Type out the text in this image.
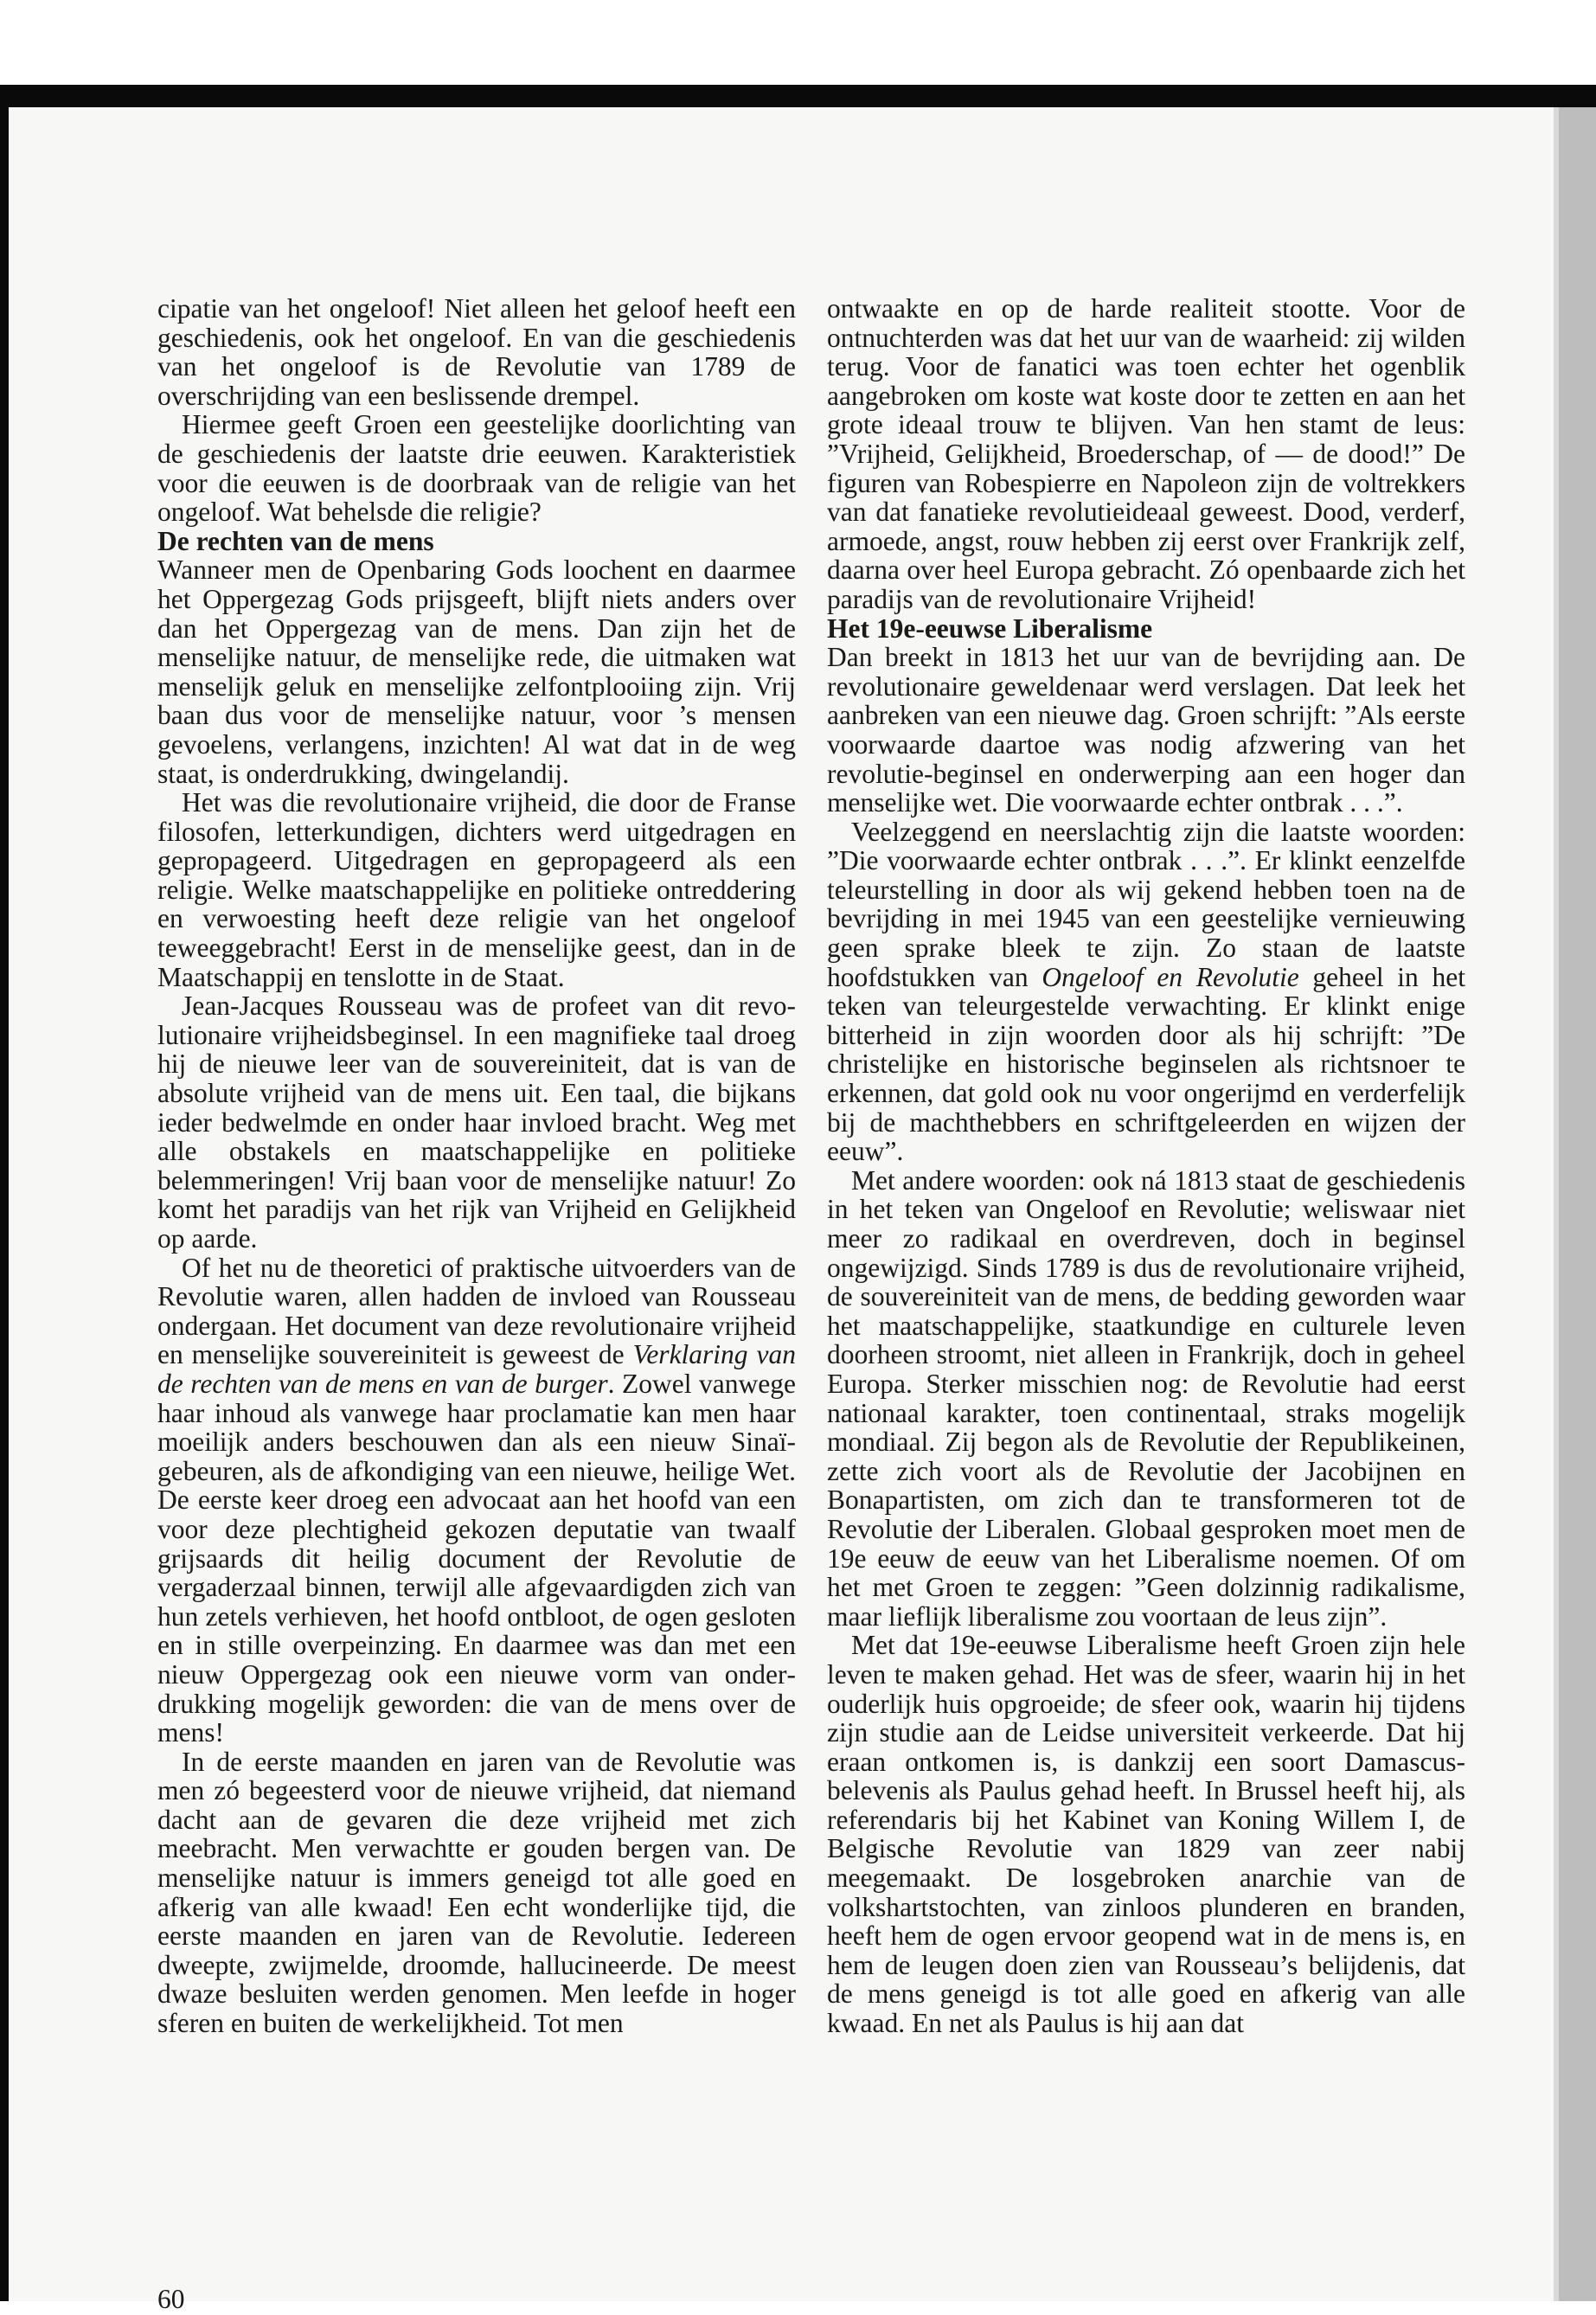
cipatie van het ongeloof! Niet alleen het geloof heeft een geschiedenis, ook het ongeloof. En van die geschiedenis van het ongeloof is de Revolutie van 1789 de overschrijding van een beslissende drempel.

Hiermee geeft Groen een geestelijke doorlichting van de geschiedenis der laatste drie eeuwen. Karakteristiek voor die eeuwen is de doorbraak van de religie van het ongeloof. Wat behelsde die religie?

De rechten van de mens

Wanneer men de Openbaring Gods loochent en daarmee het Oppergezag Gods prijsgeeft, blijft niets anders over dan het Oppergezag van de mens. Dan zijn het de menselijke natuur, de menselijke rede, die uitmaken wat menselijk geluk en menselijke zelfontplooiing zijn. Vrij baan dus voor de menselijke natuur, voor ’s mensen gevoelens, verlangens, inzichten! Al wat dat in de weg staat, is onderdrukking, dwingelandij.

Het was die revolutionaire vrijheid, die door de Franse filosofen, letterkundigen, dichters werd uitgedragen en gepropageerd. Uitgedragen en gepropageerd als een religie. Welke maatschappelijke en politieke ontreddering en verwoesting heeft deze religie van het ongeloof teweeggebracht! Eerst in de menselijke geest, dan in de Maatschappij en tenslotte in de Staat.

Jean-Jacques Rousseau was de profeet van dit revolutionaire vrijheidsbeginsel. In een magnifieke taal droeg hij de nieuwe leer van de souvereiniteit, dat is van de absolute vrijheid van de mens uit. Een taal, die bijkans ieder bedwelmde en onder haar invloed bracht. Weg met alle obstakels en maatschappelijke en politieke belemmeringen! Vrij baan voor de menselijke natuur! Zo komt het paradijs van het rijk van Vrijheid en Gelijkheid op aarde.

Of het nu de theoretici of praktische uitvoerders van de Revolutie waren, allen hadden de invloed van Rousseau ondergaan. Het document van deze revolutionaire vrijheid en menselijke souvereiniteit is geweest de Verklaring van de rechten van de mens en van de burger. Zowel vanwege haar inhoud als vanwege haar proclamatie kan men haar moeilijk anders beschouwen dan als een nieuw Sinaï-gebeuren, als de afkondiging van een nieuwe, heilige Wet. De eerste keer droeg een advocaat aan het hoofd van een voor deze plechtigheid gekozen deputatie van twaalf grijsaards dit heilig document der Revolutie de vergaderzaal binnen, terwijl alle afgevaardigden zich van hun zetels verhieven, het hoofd ontbloot, de ogen gesloten en in stille overpeinzing. En daarmee was dan met een nieuw Oppergezag ook een nieuwe vorm van onderdrukking mogelijk geworden: die van de mens over de mens!

In de eerste maanden en jaren van de Revolutie was men zó begeesterd voor de nieuwe vrijheid, dat niemand dacht aan de gevaren die deze vrijheid met zich meebracht. Men verwachtte er gouden bergen van. De menselijke natuur is immers geneigd tot alle goed en afkerig van alle kwaad! Een echt wonderlijke tijd, die eerste maanden en jaren van de Revolutie. Iedereen dweepte, zwijmelde, droomde, hallucineerde. De meest dwaze besluiten werden genomen. Men leefde in hoger sferen en buiten de werkelijkheid. Tot men

ontwaakte en op de harde realiteit stootte. Voor de ontnuchterden was dat het uur van de waarheid: zij wilden terug. Voor de fanatici was toen echter het ogenblik aangebroken om koste wat koste door te zetten en aan het grote ideaal trouw te blijven. Van hen stamt de leus: ”Vrijheid, Gelijkheid, Broederschap, of — de dood!” De figuren van Robespierre en Napoleon zijn de voltrekkers van dat fanatieke revolutieideaal geweest. Dood, verderf, armoede, angst, rouw hebben zij eerst over Frankrijk zelf, daarna over heel Europa gebracht. Zó openbaarde zich het paradijs van de revolutionaire Vrijheid!

Het 19e-eeuwse Liberalisme

Dan breekt in 1813 het uur van de bevrijding aan. De revolutionaire geweldenaar werd verslagen. Dat leek het aanbreken van een nieuwe dag. Groen schrijft: ”Als eerste voorwaarde daartoe was nodig afzwering van het revolutie-beginsel en onderwerping aan een hoger dan menselijke wet. Die voorwaarde echter ontbrak . . .”.

Veelzeggend en neerslachtig zijn die laatste woorden: ”Die voorwaarde echter ontbrak . . .”. Er klinkt eenzelfde teleurstelling in door als wij gekend hebben toen na de bevrijding in mei 1945 van een geestelijke vernieuwing geen sprake bleek te zijn. Zo staan de laatste hoofdstukken van Ongeloof en Revolutie geheel in het teken van teleurgestelde verwachting. Er klinkt enige bitterheid in zijn woorden door als hij schrijft: ”De christelijke en historische beginselen als richtsnoer te erkennen, dat gold ook nu voor ongerijmd en verderfelijk bij de machthebbers en schriftgeleerden en wijzen der eeuw”.

Met andere woorden: ook ná 1813 staat de geschiedenis in het teken van Ongeloof en Revolutie; weliswaar niet meer zo radikaal en overdreven, doch in beginsel ongewijzigd. Sinds 1789 is dus de revolutionaire vrijheid, de souvereiniteit van de mens, de bedding geworden waar het maatschappelijke, staatkundige en culturele leven doorheen stroomt, niet alleen in Frankrijk, doch in geheel Europa. Sterker misschien nog: de Revolutie had eerst nationaal karakter, toen continentaal, straks mogelijk mondiaal. Zij begon als de Revolutie der Republikeinen, zette zich voort als de Revolutie der Jacobijnen en Bonapartisten, om zich dan te transformeren tot de Revolutie der Liberalen. Globaal gesproken moet men de 19e eeuw de eeuw van het Liberalisme noemen. Of om het met Groen te zeggen: ”Geen dolzinnig radikalisme, maar lieflijk liberalisme zou voortaan de leus zijn”.

Met dat 19e-eeuwse Liberalisme heeft Groen zijn hele leven te maken gehad. Het was de sfeer, waarin hij in het ouderlijk huis opgroeide; de sfeer ook, waarin hij tijdens zijn studie aan de Leidse universiteit verkeerde. Dat hij eraan ontkomen is, is dankzij een soort Damascus-belevenis als Paulus gehad heeft. In Brussel heeft hij, als referendaris bij het Kabinet van Koning Willem I, de Belgische Revolutie van 1829 van zeer nabij meegemaakt. De losgebroken anarchie van de volkshartstochten, van zinloos plunderen en branden, heeft hem de ogen ervoor geopend wat in de mens is, en hem de leugen doen zien van Rousseau’s belijdenis, dat de mens geneigd is tot alle goed en afkerig van alle kwaad. En net als Paulus is hij aan dat

60
